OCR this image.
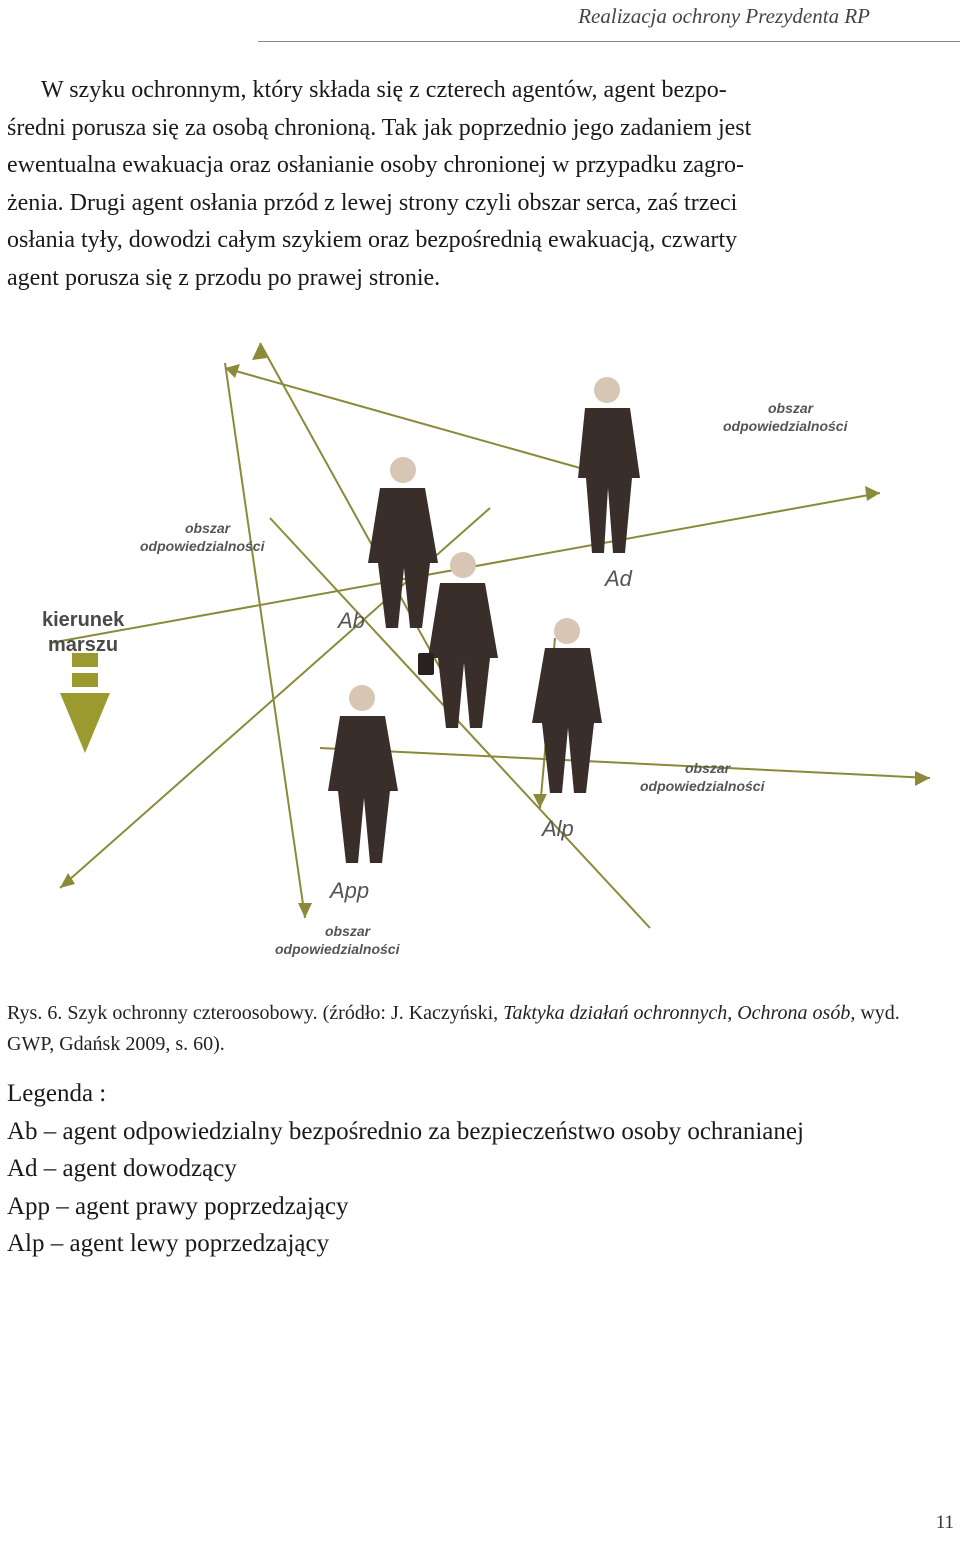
Realizacja ochrony Prezydenta RP
W szyku ochronnym, który składa się z czterech agentów, agent bezpo-
średni porusza się za osobą chronioną. Tak jak poprzednio jego zadaniem jest
ewentualna ewakuacja oraz osłanianie osoby chronionej w przypadku zagro-
żenia. Drugi agent osłania przód z lewej strony czyli obszar serca, zaś trzeci
osłania tyły, dowodzi całym szykiem oraz bezpośrednią ewakuacją, czwarty
agent porusza się z przodu po prawej stronie.
kierunek
marszu
obszar
odpowiedzialności
obszar
odpowiedzialności
obszar
odpowiedzialności
obszar
odpowiedzialności
Ad
Ab
Alp
App
Rys. 6. Szyk ochronny czteroosobowy. (źródło: J. Kaczyński, Taktyka działań ochronnych, Ochrona osób, wyd. GWP, Gdańsk 2009, s. 60).
Legenda :
Ab – agent odpowiedzialny bezpośrednio za bezpieczeństwo osoby ochranianej
Ad – agent dowodzący
App – agent prawy poprzedzający
Alp – agent lewy poprzedzający
11
